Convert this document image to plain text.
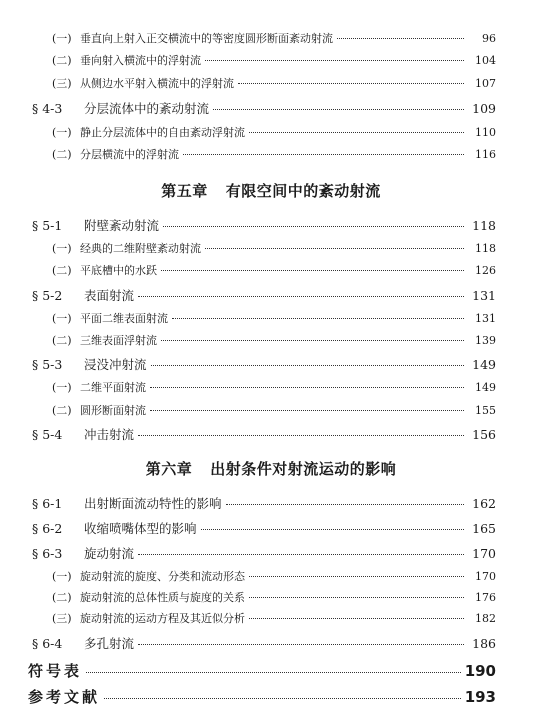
(一) 垂直向上射入正交横流中的等密度圆形断面紊动射流	96
(二) 垂向射入横流中的浮射流	104
(三) 从侧边水平射入横流中的浮射流	107
§ 4-3	分层流体中的紊动射流	109
(一) 静止分层流体中的自由紊动浮射流	110
(二) 分层横流中的浮射流	116
§ 5-1	附壁紊动射流	118
(一) 经典的二维附壁紊动射流	118
(二) 平底槽中的水跃	126
§ 5-2	表面射流	131
(一) 平面二维表面射流	131
(二) 三维表面浮射流	139
§ 5-3	浸没冲射流	149
(一) 二维平面射流	149
(二) 圆形断面射流	155
§ 5-4	冲击射流	156
§ 6-1	出射断面流动特性的影响	162
§ 6-2	收缩喷嘴体型的影响	165
§ 6-3	旋动射流	170
(一) 旋动射流的旋度、分类和流动形态	170
(二) 旋动射流的总体性质与旋度的关系	176
(三) 旋动射流的运动方程及其近似分析	182
§ 6-4	多孔射流	186
符号表	190
参考文献	193
第五章 有限空间中的紊动射流
第六章 出射条件对射流运动的影响
